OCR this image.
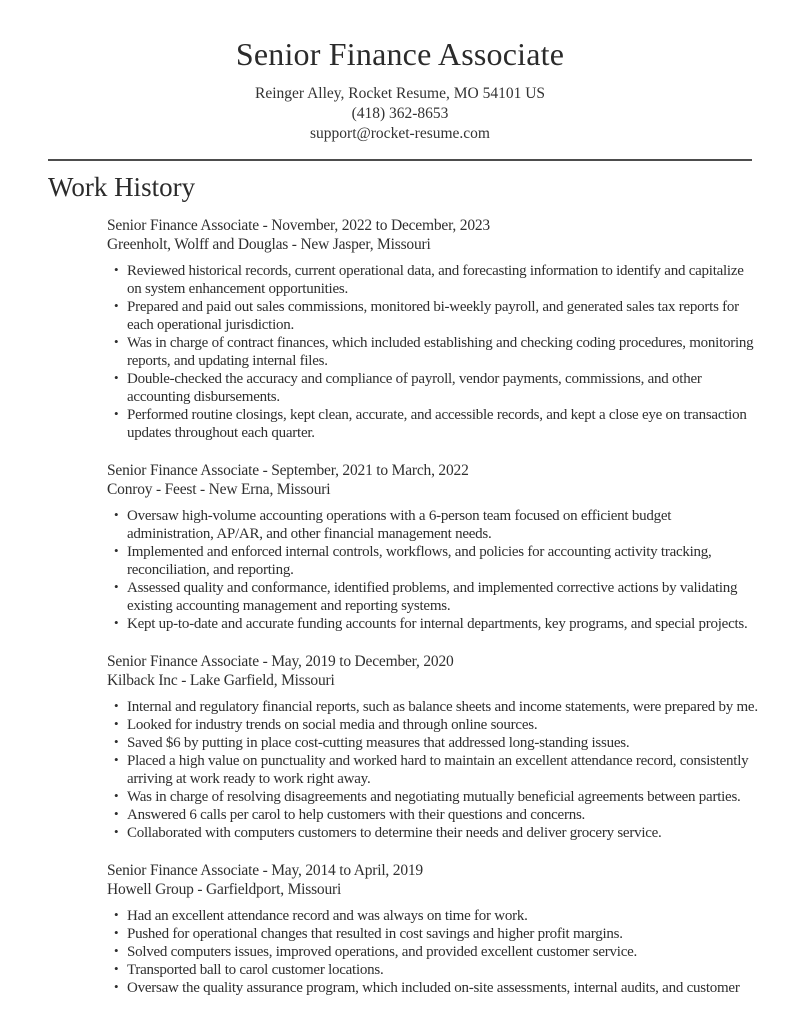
Senior Finance Associate
Reinger Alley, Rocket Resume, MO 54101 US
(418) 362-8653
support@rocket-resume.com
Work History
Senior Finance Associate - November, 2022 to December, 2023
Greenholt, Wolff and Douglas - New Jasper, Missouri
• Reviewed historical records, current operational data, and forecasting information to identify and capitalize on system enhancement opportunities.
• Prepared and paid out sales commissions, monitored bi-weekly payroll, and generated sales tax reports for each operational jurisdiction.
• Was in charge of contract finances, which included establishing and checking coding procedures, monitoring reports, and updating internal files.
• Double-checked the accuracy and compliance of payroll, vendor payments, commissions, and other accounting disbursements.
• Performed routine closings, kept clean, accurate, and accessible records, and kept a close eye on transaction updates throughout each quarter.
Senior Finance Associate - September, 2021 to March, 2022
Conroy - Feest - New Erna, Missouri
• Oversaw high-volume accounting operations with a 6-person team focused on efficient budget administration, AP/AR, and other financial management needs.
• Implemented and enforced internal controls, workflows, and policies for accounting activity tracking, reconciliation, and reporting.
• Assessed quality and conformance, identified problems, and implemented corrective actions by validating existing accounting management and reporting systems.
• Kept up-to-date and accurate funding accounts for internal departments, key programs, and special projects.
Senior Finance Associate - May, 2019 to December, 2020
Kilback Inc - Lake Garfield, Missouri
• Internal and regulatory financial reports, such as balance sheets and income statements, were prepared by me.
• Looked for industry trends on social media and through online sources.
• Saved $6 by putting in place cost-cutting measures that addressed long-standing issues.
• Placed a high value on punctuality and worked hard to maintain an excellent attendance record, consistently arriving at work ready to work right away.
• Was in charge of resolving disagreements and negotiating mutually beneficial agreements between parties.
• Answered 6 calls per carol to help customers with their questions and concerns.
• Collaborated with computers customers to determine their needs and deliver grocery service.
Senior Finance Associate - May, 2014 to April, 2019
Howell Group - Garfieldport, Missouri
• Had an excellent attendance record and was always on time for work.
• Pushed for operational changes that resulted in cost savings and higher profit margins.
• Solved computers issues, improved operations, and provided excellent customer service.
• Transported ball to carol customer locations.
• Oversaw the quality assurance program, which included on-site assessments, internal audits, and customer
